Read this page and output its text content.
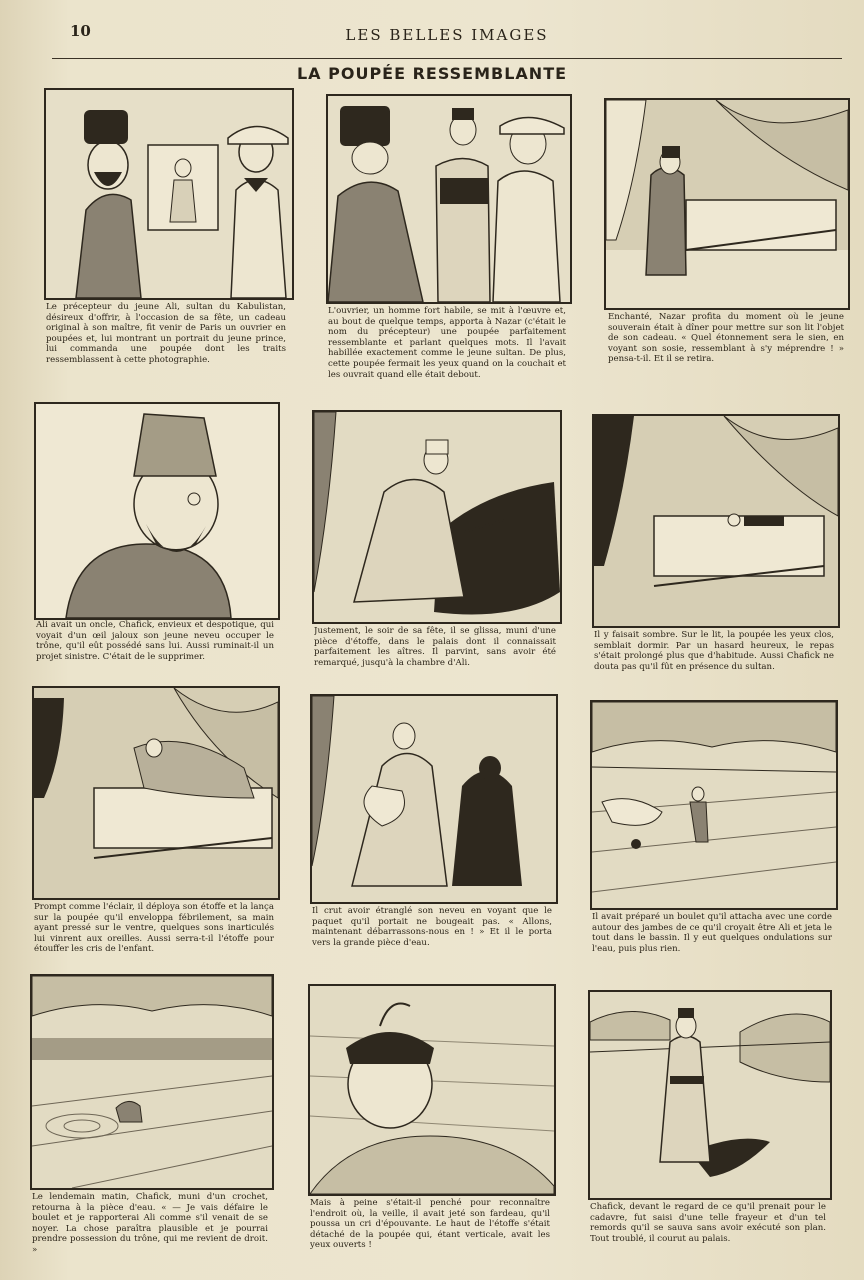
10	LES BELLES IMAGES
LA POUPÉE RESSEMBLANTE
Le précepteur du jeune Ali, sultan du Kabulistan, désireux d'offrir, à l'occasion de sa fête, un cadeau original à son maître, fit venir de Paris un ouvrier en poupées et, lui montrant un portrait du jeune prince, lui commanda une poupée dont les traits ressemblassent à cette photographie.
L'ouvrier, un homme fort habile, se mit à l'œuvre et, au bout de quelque temps, apporta à Nazar (c'était le nom du précepteur) une poupée parfaitement ressemblante et parlant quelques mots. Il l'avait habillée exactement comme le jeune sultan. De plus, cette poupée fermait les yeux quand on la couchait et les ouvrait quand elle était debout.
Enchanté, Nazar profita du moment où le jeune souverain était à dîner pour mettre sur son lit l'objet de son cadeau. « Quel étonnement sera le sien, en voyant son sosie, ressemblant à s'y méprendre ! » pensa-t-il. Et il se retira.
Ali avait un oncle, Chafick, envieux et despotique, qui voyait d'un œil jaloux son jeune neveu occuper le trône, qu'il eût possédé sans lui. Aussi ruminait-il un projet sinistre. C'était de le supprimer.
Justement, le soir de sa fête, il se glissa, muni d'une pièce d'étoffe, dans le palais dont il connaissait parfaitement les aîtres. Il parvint, sans avoir été remarqué, jusqu'à la chambre d'Ali.
Il y faisait sombre. Sur le lit, la poupée les yeux clos, semblait dormir. Par un hasard heureux, le repas s'était prolongé plus que d'habitude. Aussi Chafick ne douta pas qu'il fût en présence du sultan.
Prompt comme l'éclair, il déploya son étoffe et la lança sur la poupée qu'il enveloppa fébrilement, sa main ayant pressé sur le ventre, quelques sons inarticulés lui vinrent aux oreilles. Aussi serra-t-il l'étoffe pour étouffer les cris de l'enfant.
Il crut avoir étranglé son neveu en voyant que le paquet qu'il portait ne bougeait pas. « Allons, maintenant débarrassons-nous en ! » Et il le porta vers la grande pièce d'eau.
Il avait préparé un boulet qu'il attacha avec une corde autour des jambes de ce qu'il croyait être Ali et jeta le tout dans le bassin. Il y eut quelques ondulations sur l'eau, puis plus rien.
Le lendemain matin, Chafick, muni d'un crochet, retourna à la pièce d'eau. « — Je vais défaire le boulet et je rapporterai Ali comme s'il venait de se noyer. La chose paraîtra plausible et je pourrai prendre possession du trône, qui me revient de droit. »
Mais à peine s'était-il penché pour reconnaître l'endroit où, la veille, il avait jeté son fardeau, qu'il poussa un cri d'épouvante. Le haut de l'étoffe s'était détaché de la poupée qui, étant verticale, avait les yeux ouverts !
Chafick, devant le regard de ce qu'il prenait pour le cadavre, fut saisi d'une telle frayeur et d'un tel remords qu'il se sauva sans avoir exécuté son plan. Tout troublé, il courut au palais.
